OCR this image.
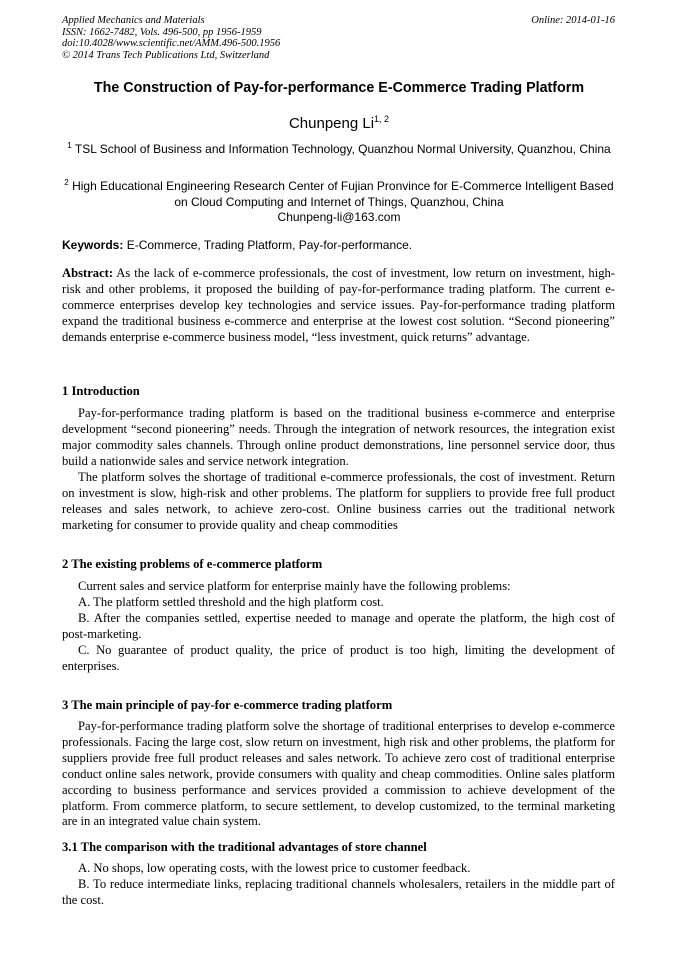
Applied Mechanics and Materials
ISSN: 1662-7482, Vols. 496-500, pp 1956-1959
doi:10.4028/www.scientific.net/AMM.496-500.1956
© 2014 Trans Tech Publications Ltd, Switzerland
Online: 2014-01-16
The Construction of Pay-for-performance E-Commerce Trading Platform
Chunpeng Li$^{1, 2}$
$^1$ TSL School of Business and Information Technology, Quanzhou Normal University, Quanzhou, China
$^2$ High Educational Engineering Research Center of Fujian Pronvince for E-Commerce Intelligent Based on Cloud Computing and Internet of Things, Quanzhou, China
Chunpeng-li@163.com
Keywords: E-Commerce, Trading Platform, Pay-for-performance.
Abstract: As the lack of e-commerce professionals, the cost of investment, low return on investment, high-risk and other problems, it proposed the building of pay-for-performance trading platform. The current e-commerce enterprises develop key technologies and service issues. Pay-for-performance trading platform expand the traditional business e-commerce and enterprise at the lowest cost solution. “Second pioneering” demands enterprise e-commerce business model, “less investment, quick returns” advantage.
1 Introduction
Pay-for-performance trading platform is based on the traditional business e-commerce and enterprise development “second pioneering” needs. Through the integration of network resources, the integration exist major commodity sales channels. Through online product demonstrations, line personnel service door, thus build a nationwide sales and service network integration.
The platform solves the shortage of traditional e-commerce professionals, the cost of investment. Return on investment is slow, high-risk and other problems. The platform for suppliers to provide free full product releases and sales network, to achieve zero-cost. Online business carries out the traditional network marketing for consumer to provide quality and cheap commodities
2 The existing problems of e-commerce platform
Current sales and service platform for enterprise mainly have the following problems:
A. The platform settled threshold and the high platform cost.
B. After the companies settled, expertise needed to manage and operate the platform, the high cost of post-marketing.
C. No guarantee of product quality, the price of product is too high, limiting the development of enterprises.
3 The main principle of pay-for e-commerce trading platform
Pay-for-performance trading platform solve the shortage of traditional enterprises to develop e-commerce professionals. Facing the large cost, slow return on investment, high risk and other problems, the platform for suppliers provide free full product releases and sales network. To achieve zero cost of traditional enterprise conduct online sales network, provide consumers with quality and cheap commodities. Online sales platform according to business performance and services provided a commission to achieve development of the platform. From commerce platform, to secure settlement, to develop customized, to the terminal marketing are in an integrated value chain system.
3.1 The comparison with the traditional advantages of store channel
A. No shops, low operating costs, with the lowest price to customer feedback.
B. To reduce intermediate links, replacing traditional channels wholesalers, retailers in the middle part of the cost.
